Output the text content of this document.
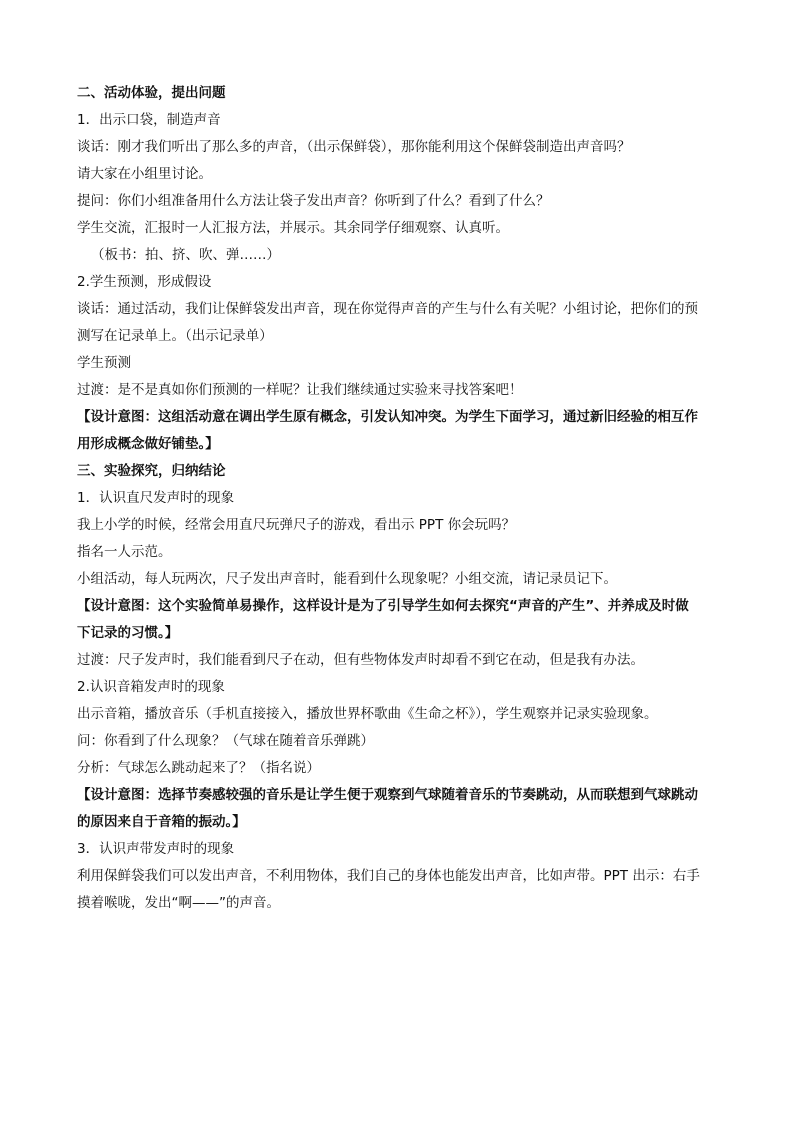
二、活动体验，提出问题
1．出示口袋，制造声音
谈话：刚才我们听出了那么多的声音，（出示保鲜袋），那你能利用这个保鲜袋制造出声音吗？
请大家在小组里讨论。
提问：你们小组准备用什么方法让袋子发出声音？你听到了什么？看到了什么？
学生交流，汇报时一人汇报方法，并展示。其余同学仔细观察、认真听。
（板书：拍、挤、吹、弹……）
2.学生预测，形成假设
谈话：通过活动，我们让保鲜袋发出声音，现在你觉得声音的产生与什么有关呢？小组讨论，把你们的预
测写在记录单上。（出示记录单）
学生预测
过渡：是不是真如你们预测的一样呢？让我们继续通过实验来寻找答案吧！
【设计意图：这组活动意在调出学生原有概念，引发认知冲突。为学生下面学习，通过新旧经验的相互作
用形成概念做好铺垫。】
三、实验探究，归纳结论
1．认识直尺发声时的现象
我上小学的时候，经常会用直尺玩弹尺子的游戏，看出示 PPT 你会玩吗？
指名一人示范。
小组活动，每人玩两次，尺子发出声音时，能看到什么现象呢？小组交流，请记录员记下。
【设计意图：这个实验简单易操作，这样设计是为了引导学生如何去探究“声音的产生”、并养成及时做
下记录的习惯。】
过渡：尺子发声时，我们能看到尺子在动，但有些物体发声时却看不到它在动，但是我有办法。
2.认识音箱发声时的现象
出示音箱，播放音乐（手机直接接入，播放世界杯歌曲《生命之杯》），学生观察并记录实验现象。
问：你看到了什么现象？（气球在随着音乐弹跳）
分析：气球怎么跳动起来了？（指名说）
【设计意图：选择节奏感较强的音乐是让学生便于观察到气球随着音乐的节奏跳动，从而联想到气球跳动
的原因来自于音箱的振动。】
3．认识声带发声时的现象
利用保鲜袋我们可以发出声音，不利用物体，我们自己的身体也能发出声音，比如声带。PPT 出示：右手
摸着喉咙，发出“啊——”的声音。
